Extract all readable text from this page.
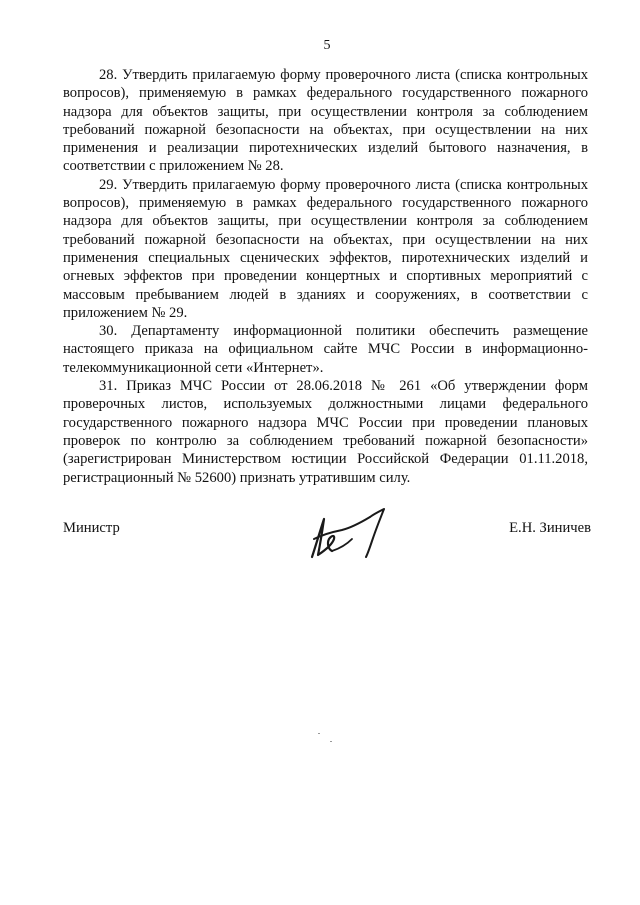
5

28. Утвердить прилагаемую форму проверочного листа (списка контрольных вопросов), применяемую в рамках федерального государственного пожарного надзора для объектов защиты, при осуществлении контроля за соблюдением требований пожарной безопасности на объектах, при осуществлении на них применения и реализации пиротехнических изделий бытового назначения, в соответствии с приложением № 28.

29. Утвердить прилагаемую форму проверочного листа (списка контрольных вопросов), применяемую в рамках федерального государственного пожарного надзора для объектов защиты, при осуществлении контроля за соблюдением требований пожарной безопасности на объектах, при осуществлении на них применения специальных сценических эффектов, пиротехнических изделий и огневых эффектов при проведении концертных и спортивных мероприятий с массовым пребыванием людей в зданиях и сооружениях, в соответствии с приложением № 29.

30. Департаменту информационной политики обеспечить размещение настоящего приказа на официальном сайте МЧС России в информационно-телекоммуникационной сети «Интернет».

31. Приказ МЧС России от 28.06.2018 № 261 «Об утверждении форм проверочных листов, используемых должностными лицами федерального государственного пожарного надзора МЧС России при проведении плановых проверок по контролю за соблюдением требований пожарной безопасности» (зарегистрирован Министерством юстиции Российской Федерации 01.11.2018, регистрационный № 52600) признать утратившим силу.

Министр	Е.Н. Зиничев
